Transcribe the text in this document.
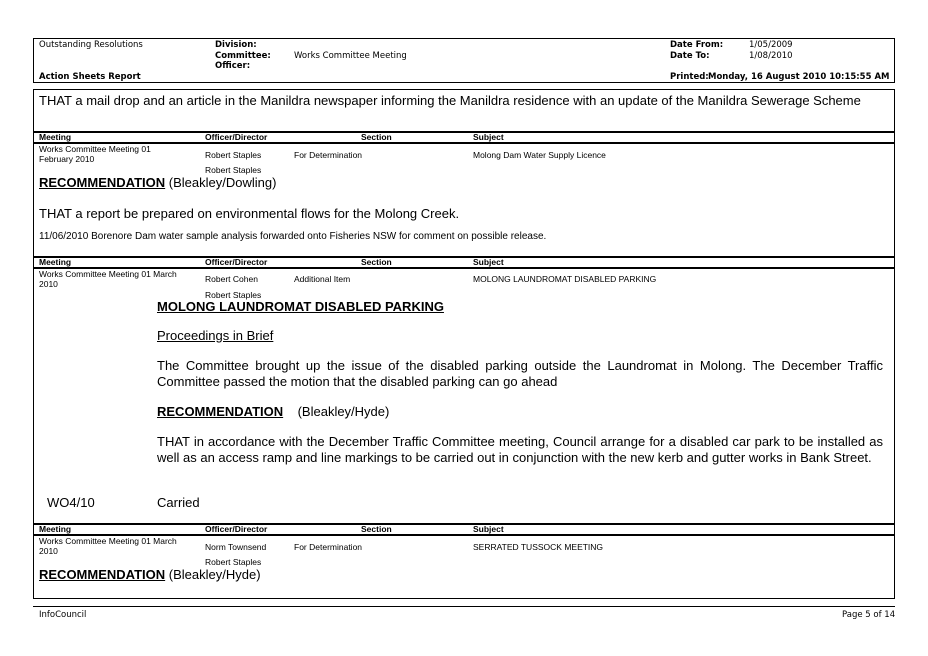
Outstanding Resolutions
Action Sheets Report
Division:
Committee:	Works Committee Meeting
Officer:
Date From:	1/05/2009
Date To:	1/08/2010
Printed: Monday, 16 August 2010 10:15:55 AM
THAT a mail drop and an article in the Manildra newspaper informing the Manildra residence with an update of the Manildra Sewerage Scheme
Meeting	Officer/Director	Section	Subject
Works Committee Meeting 01
February 2010	Robert Staples	For Determination	Molong Dam Water Supply Licence
Robert Staples
RECOMMENDATION (Bleakley/Dowling)
THAT a report be prepared on environmental flows for the Molong Creek.
11/06/2010 Borenore Dam water sample analysis forwarded onto Fisheries NSW for comment on possible release.
Meeting	Officer/Director	Section	Subject
Works Committee Meeting 01 March
2010	Robert Cohen	Additional Item	MOLONG LAUNDROMAT DISABLED PARKING
Robert Staples
MOLONG LAUNDROMAT DISABLED PARKING
Proceedings in Brief
The Committee brought up the issue of the disabled parking outside the Laundromat in Molong. The December Traffic Committee passed the motion that the disabled parking can go ahead
RECOMMENDATION (Bleakley/Hyde)
THAT in accordance with the December Traffic Committee meeting, Council arrange for a disabled car park to be installed as well as an access ramp and line markings to be carried out in conjunction with the new kerb and gutter works in Bank Street.
WO4/10	Carried
Meeting	Officer/Director	Section	Subject
Works Committee Meeting 01 March
2010	Norm Townsend	For Determination	SERRATED TUSSOCK MEETING
Robert Staples
RECOMMENDATION (Bleakley/Hyde)
InfoCouncil	Page 5 of 14
